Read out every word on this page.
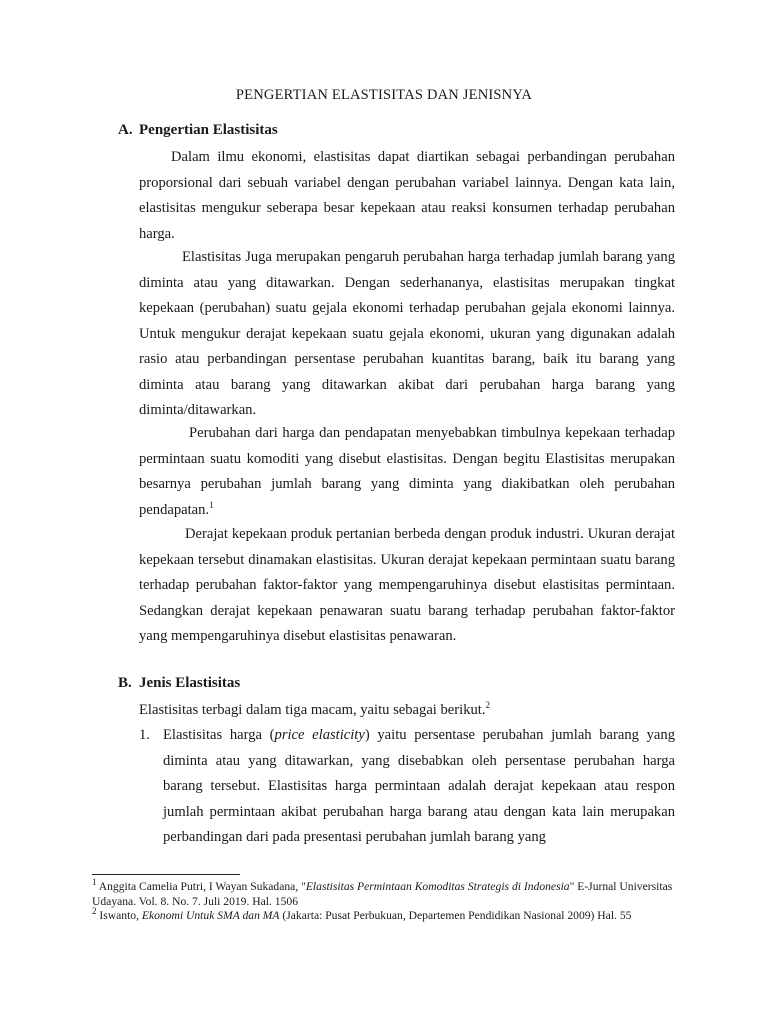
PENGERTIAN ELASTISITAS DAN JENISNYA
A. Pengertian Elastisitas

Dalam ilmu ekonomi, elastisitas dapat diartikan sebagai perbandingan perubahan proporsional dari sebuah variabel dengan perubahan variabel lainnya. Dengan kata lain, elastisitas mengukur seberapa besar kepekaan atau reaksi konsumen terhadap perubahan harga.

Elastisitas Juga merupakan pengaruh perubahan harga terhadap jumlah barang yang diminta atau yang ditawarkan. Dengan sederhananya, elastisitas merupakan tingkat kepekaan (perubahan) suatu gejala ekonomi terhadap perubahan gejala ekonomi lainnya. Untuk mengukur derajat kepekaan suatu gejala ekonomi, ukuran yang digunakan adalah rasio atau perbandingan persentase perubahan kuantitas barang, baik itu barang yang diminta atau barang yang ditawarkan akibat dari perubahan harga barang yang diminta/ditawarkan.

Perubahan dari harga dan pendapatan menyebabkan timbulnya kepekaan terhadap permintaan suatu komoditi yang disebut elastisitas. Dengan begitu Elastisitas merupakan besarnya perubahan jumlah barang yang diminta yang diakibatkan oleh perubahan pendapatan.$^1$

Derajat kepekaan produk pertanian berbeda dengan produk industri. Ukuran derajat kepekaan tersebut dinamakan elastisitas. Ukuran derajat kepekaan permintaan suatu barang terhadap perubahan faktor-faktor yang mempengaruhinya disebut elastisitas permintaan. Sedangkan derajat kepekaan penawaran suatu barang terhadap perubahan faktor-faktor yang mempengaruhinya disebut elastisitas penawaran.

B. Jenis Elastisitas

Elastisitas terbagi dalam tiga macam, yaitu sebagai berikut.$^2$

1. Elastisitas harga (price elasticity) yaitu persentase perubahan jumlah barang yang diminta atau yang ditawarkan, yang disebabkan oleh persentase perubahan harga barang tersebut. Elastisitas harga permintaan adalah derajat kepekaan atau respon jumlah permintaan akibat perubahan harga barang atau dengan kata lain merupakan perbandingan dari pada presentasi perubahan jumlah barang yang
$^1$ Anggita Camelia Putri, I Wayan Sukadana, "Elastisitas Permintaan Komoditas Strategis di Indonesia" E-Jurnal Universitas Udayana. Vol. 8. No. 7. Juli 2019. Hal. 1506
$^2$ Iswanto, Ekonomi Untuk SMA dan MA (Jakarta: Pusat Perbukuan, Departemen Pendidikan Nasional 2009) Hal. 55
